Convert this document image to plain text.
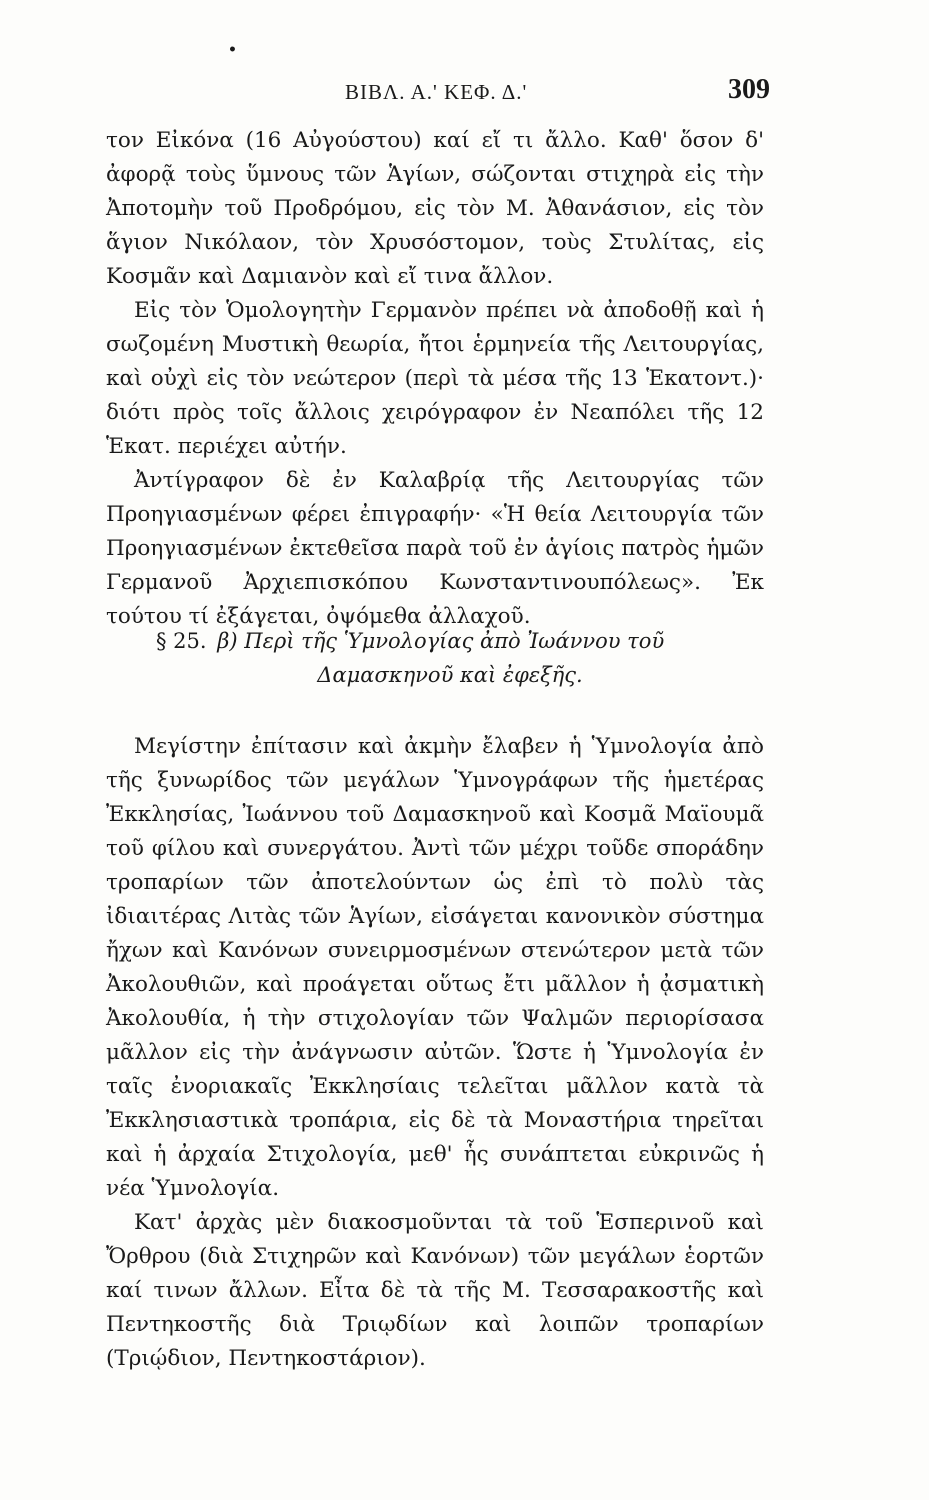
•
ΒΙΒΛ. Α.' ΚΕΦ. Δ.'	309

τον Εἰκόνα (16 Αὐγούστου) καί εἴ τι ἄλλο. Καθ' ὅσον δ' ἀφορᾷ τοὺς ὕμνους τῶν Ἁγίων, σώζονται στιχηρὰ εἰς τὴν Ἀποτομὴν τοῦ Προδρόμου, εἰς τὸν Μ. Ἀθανάσιον, εἰς τὸν ἅγιον Νικόλαον, τὸν Χρυσόστομον, τοὺς Στυλίτας, εἰς Κοσμᾶν καὶ Δαμιανὸν καὶ εἴ τινα ἄλλον.

Εἰς τὸν Ὁμολογητὴν Γερμανὸν πρέπει νὰ ἀποδοθῇ καὶ ἡ σωζομένη Μυστικὴ θεωρία, ἤτοι ἑρμηνεία τῆς Λειτουργίας, καὶ οὐχὶ εἰς τὸν νεώτερον (περὶ τὰ μέσα τῆς 13 Ἑκατοντ.)· διότι πρὸς τοῖς ἄλλοις χειρόγραφον ἐν Νεαπόλει τῆς 12 Ἑκατ. περιέχει αὐτήν.

Ἀντίγραφον δὲ ἐν Καλαβρίᾳ τῆς Λειτουργίας τῶν Προηγιασμένων φέρει ἐπιγραφήν· «Ἡ θεία Λειτουργία τῶν Προηγιασμένων ἐκτεθεῖσα παρὰ τοῦ ἐν ἁγίοις πατρὸς ἡμῶν Γερμανοῦ Ἀρχιεπισκόπου Κωνσταντινουπόλεως». Ἐκ τούτου τί ἐξάγεται, ὀψόμεθα ἀλλαχοῦ.

§ 25. β) Περὶ τῆς Ὑμνολογίας ἀπὸ Ἰωάννου τοῦ
Δαμασκηνοῦ καὶ ἐφεξῆς.

Μεγίστην ἐπίτασιν καὶ ἀκμὴν ἔλαβεν ἡ Ὑμνολογία ἀπὸ τῆς ξυνωρίδος τῶν μεγάλων Ὑμνογράφων τῆς ἡμετέρας Ἐκκλησίας, Ἰωάννου τοῦ Δαμασκηνοῦ καὶ Κοσμᾶ Μαϊουμᾶ τοῦ φίλου καὶ συνεργάτου. Ἀντὶ τῶν μέχρι τοῦδε σποράδην τροπαρίων τῶν ἀποτελούντων ὡς ἐπὶ τὸ πολὺ τὰς ἰδιαιτέρας Λιτὰς τῶν Ἁγίων, εἰσάγεται κανονικὸν σύστημα ἤχων καὶ Κανόνων συνειρμοσμένων στενώτερον μετὰ τῶν Ἀκολουθιῶν, καὶ προάγεται οὕτως ἔτι μᾶλλον ἡ ᾀσματικὴ Ἀκολουθία, ἡ τὴν στιχολογίαν τῶν Ψαλμῶν περιορίσασα μᾶλλον εἰς τὴν ἀνάγνωσιν αὐτῶν. Ὥστε ἡ Ὑμνολογία ἐν ταῖς ἐνοριακαῖς Ἐκκλησίαις τελεῖται μᾶλλον κατὰ τὰ Ἐκκλησιαστικὰ τροπάρια, εἰς δὲ τὰ Μοναστήρια τηρεῖται καὶ ἡ ἀρχαία Στιχολογία, μεθ' ἧς συνάπτεται εὐκρινῶς ἡ νέα Ὑμνολογία.

Κατ' ἀρχὰς μὲν διακοσμοῦνται τὰ τοῦ Ἑσπερινοῦ καὶ Ὄρθρου (διὰ Στιχηρῶν καὶ Κανόνων) τῶν μεγάλων ἑορτῶν καί τινων ἄλλων. Εἶτα δὲ τὰ τῆς Μ. Τεσσαρακοστῆς καὶ Πεντηκοστῆς διὰ Τριῳδίων καὶ λοιπῶν τροπαρίων (Τριῴδιον, Πεντηκοστάριον).
